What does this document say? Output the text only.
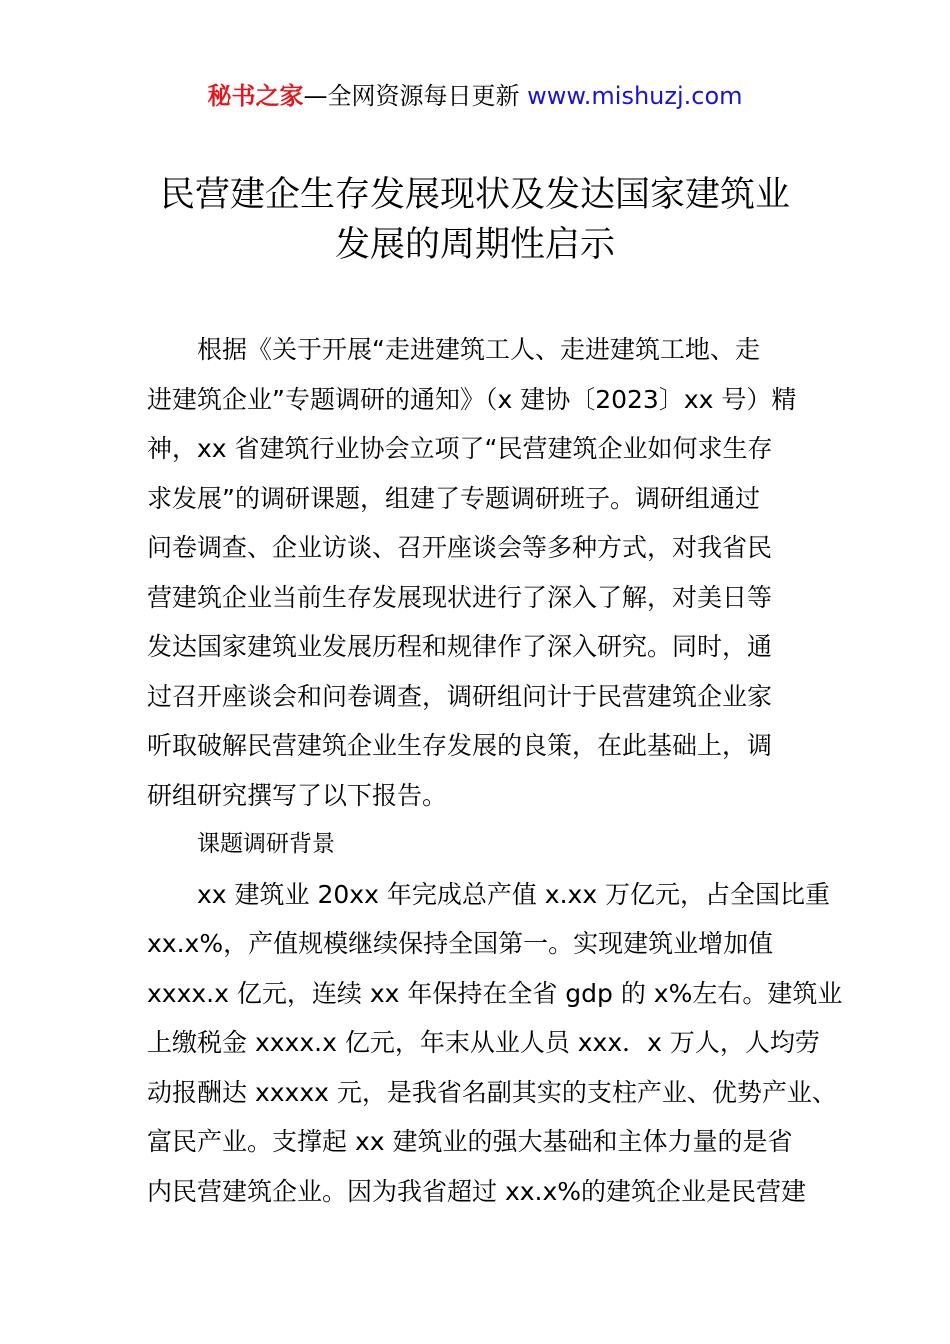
秘书之家—全网资源每日更新 www.mishuzj.com
民营建企生存发展现状及发达国家建筑业
发展的周期性启示
根据《关于开展“走进建筑工人、走进建筑工地、走
进建筑企业”专题调研的通知》（x 建协〔2023〕xx 号）精
神，xx 省建筑行业协会立项了“民营建筑企业如何求生存
求发展”的调研课题，组建了专题调研班子。调研组通过
问卷调查、企业访谈、召开座谈会等多种方式，对我省民
营建筑企业当前生存发展现状进行了深入了解，对美日等
发达国家建筑业发展历程和规律作了深入研究。同时，通
过召开座谈会和问卷调查，调研组问计于民营建筑企业家
听取破解民营建筑企业生存发展的良策，在此基础上，调
研组研究撰写了以下报告。
课题调研背景
xx 建筑业 20xx 年完成总产值 x.xx 万亿元，占全国比重
xx.x%，产值规模继续保持全国第一。实现建筑业增加值
xxxx.x 亿元，连续 xx 年保持在全省 gdp 的 x%左右。建筑业
上缴税金 xxxx.x 亿元，年末从业人员 xxx．x 万人，人均劳
动报酬达 xxxxx 元，是我省名副其实的支柱产业、优势产业、
富民产业。支撑起 xx 建筑业的强大基础和主体力量的是省
内民营建筑企业。因为我省超过 xx.x%的建筑企业是民营建
